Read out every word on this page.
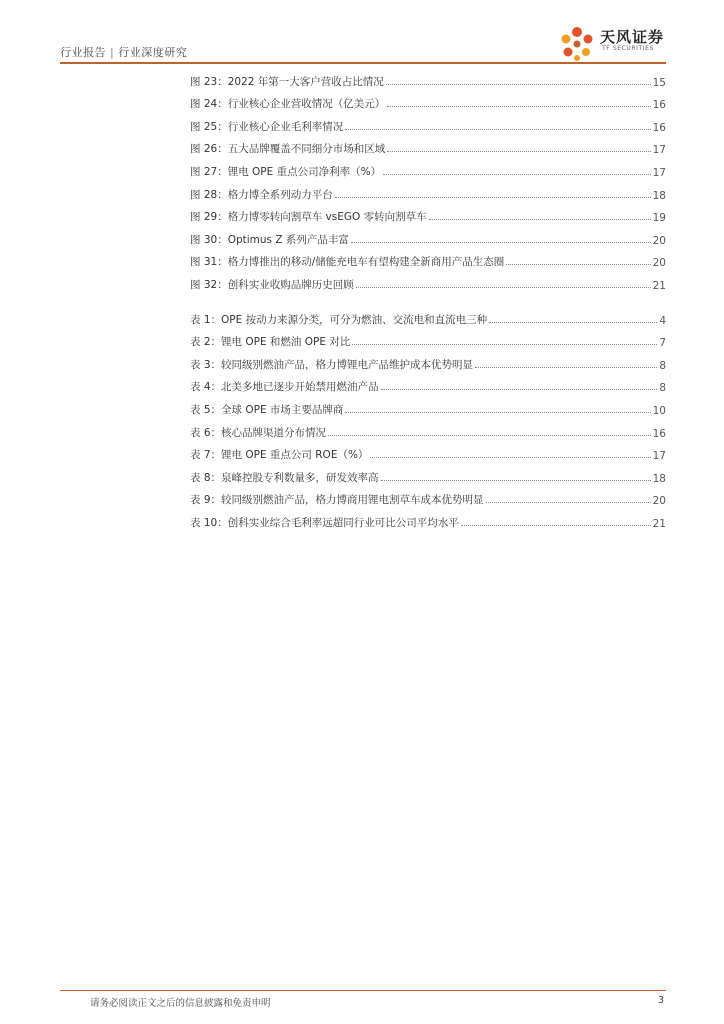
行业报告 | 行业深度研究
天风证券
TF SECURITIES
图 23：2022 年第一大客户营收占比情况	15
图 24：行业核心企业营收情况（亿美元）	16
图 25：行业核心企业毛利率情况	16
图 26：五大品牌覆盖不同细分市场和区域	17
图 27：锂电 OPE 重点公司净利率（%）	17
图 28：格力博全系列动力平台	18
图 29：格力博零转向割草车 vsEGO 零转向割草车	19
图 30：Optimus Z 系列产品丰富	20
图 31：格力博推出的移动/储能充电车有望构建全新商用产品生态圈	20
图 32：创科实业收购品牌历史回顾	21
表 1：OPE 按动力来源分类，可分为燃油、交流电和直流电三种	4
表 2：锂电 OPE 和燃油 OPE 对比	7
表 3：较同级别燃油产品，格力博锂电产品维护成本优势明显	8
表 4：北美多地已逐步开始禁用燃油产品	8
表 5：全球 OPE 市场主要品牌商	10
表 6：核心品牌渠道分布情况	16
表 7：锂电 OPE 重点公司 ROE（%）	17
表 8：泉峰控股专利数量多，研发效率高	18
表 9：较同级别燃油产品，格力博商用锂电割草车成本优势明显	20
表 10：创科实业综合毛利率远超同行业可比公司平均水平	21
请务必阅读正文之后的信息披露和免责申明	3
